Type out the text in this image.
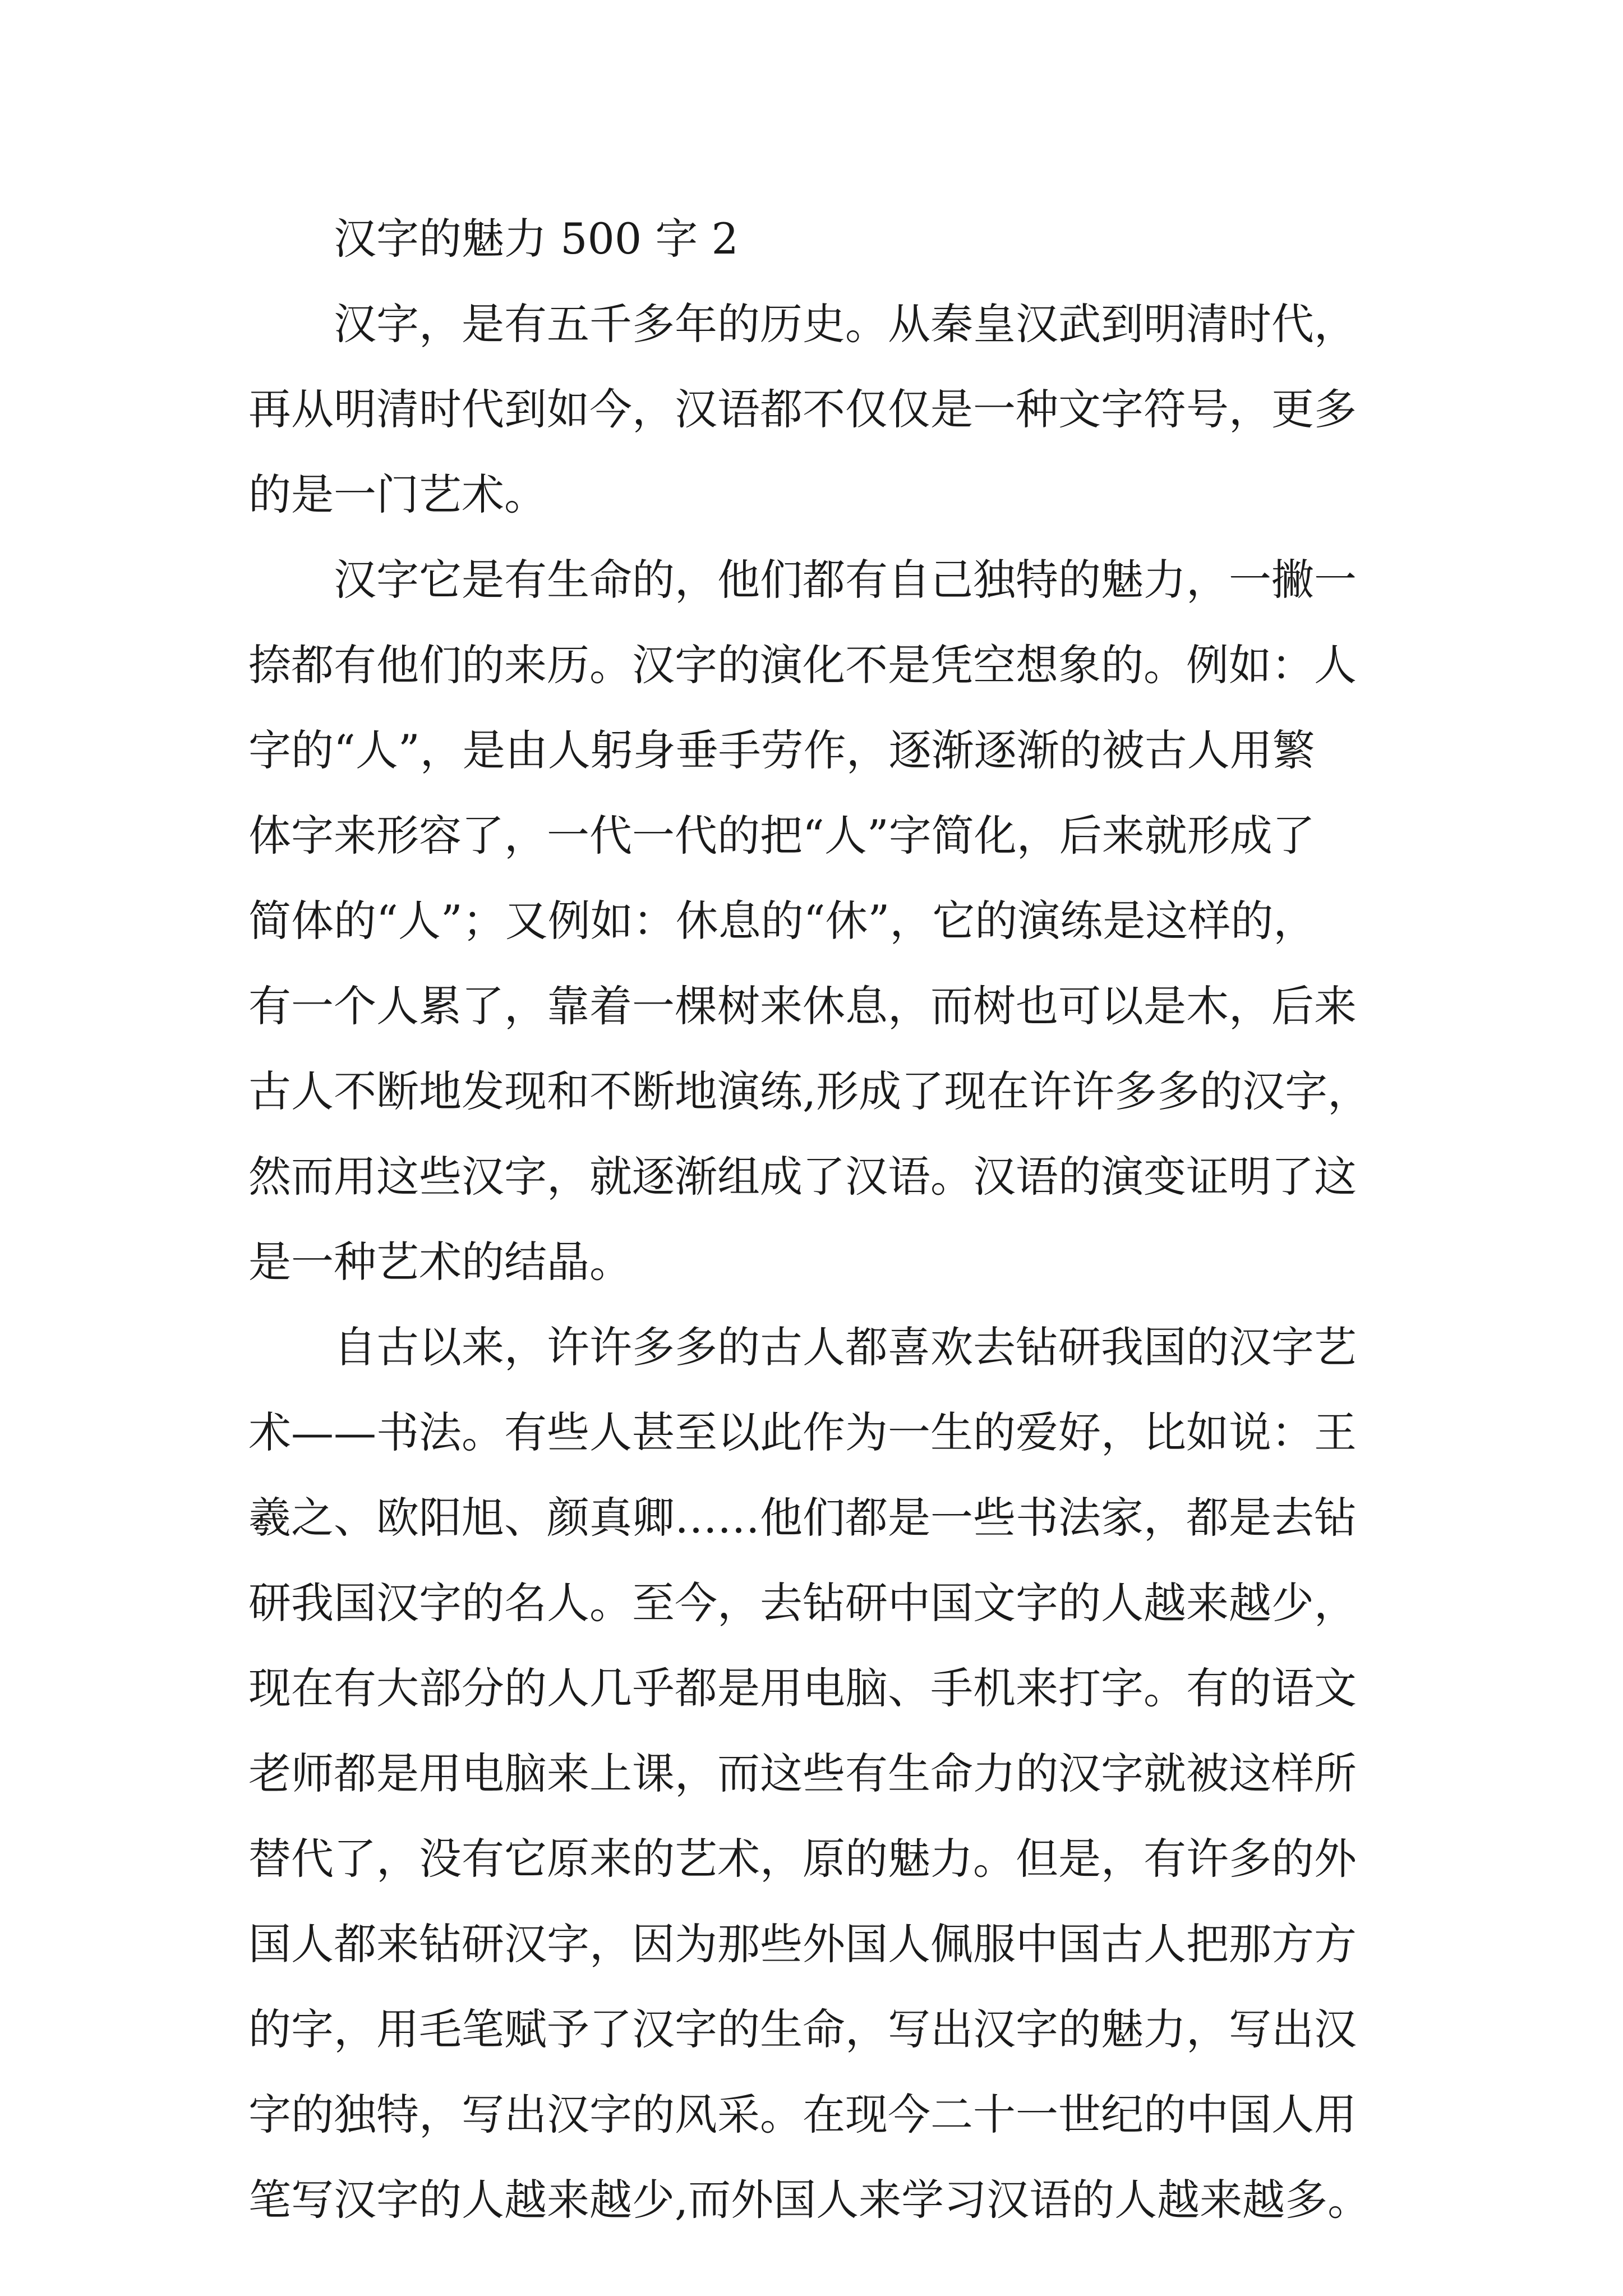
汉字的魅力 500 字 2

汉字，是有五千多年的历史。从秦皇汉武到明清时代，
再从明清时代到如今，汉语都不仅仅是一种文字符号，更多
的是一门艺术。

汉字它是有生命的，他们都有自己独特的魅力，一撇一
捺都有他们的来历。汉字的演化不是凭空想象的。例如：人
字的“人”，是由人躬身垂手劳作，逐渐逐渐的被古人用繁
体字来形容了，一代一代的把“人”字简化，后来就形成了
简体的“人”；又例如：休息的“休”，它的演练是这样的，
有一个人累了，靠着一棵树来休息，而树也可以是木，后来
古人不断地发现和不断地演练,形成了现在许许多多的汉字，
然而用这些汉字，就逐渐组成了汉语。汉语的演变证明了这
是一种艺术的结晶。

自古以来，许许多多的古人都喜欢去钻研我国的汉字艺
术——书法。有些人甚至以此作为一生的爱好，比如说：王
羲之、欧阳旭、颜真卿……他们都是一些书法家，都是去钻
研我国汉字的名人。至今，去钻研中国文字的人越来越少，
现在有大部分的人几乎都是用电脑、手机来打字。有的语文
老师都是用电脑来上课，而这些有生命力的汉字就被这样所
替代了，没有它原来的艺术，原的魅力。但是，有许多的外
国人都来钻研汉字，因为那些外国人佩服中国古人把那方方
的字，用毛笔赋予了汉字的生命，写出汉字的魅力，写出汉
字的独特，写出汉字的风采。在现今二十一世纪的中国人用
笔写汉字的人越来越少,而外国人来学习汉语的人越来越多。
